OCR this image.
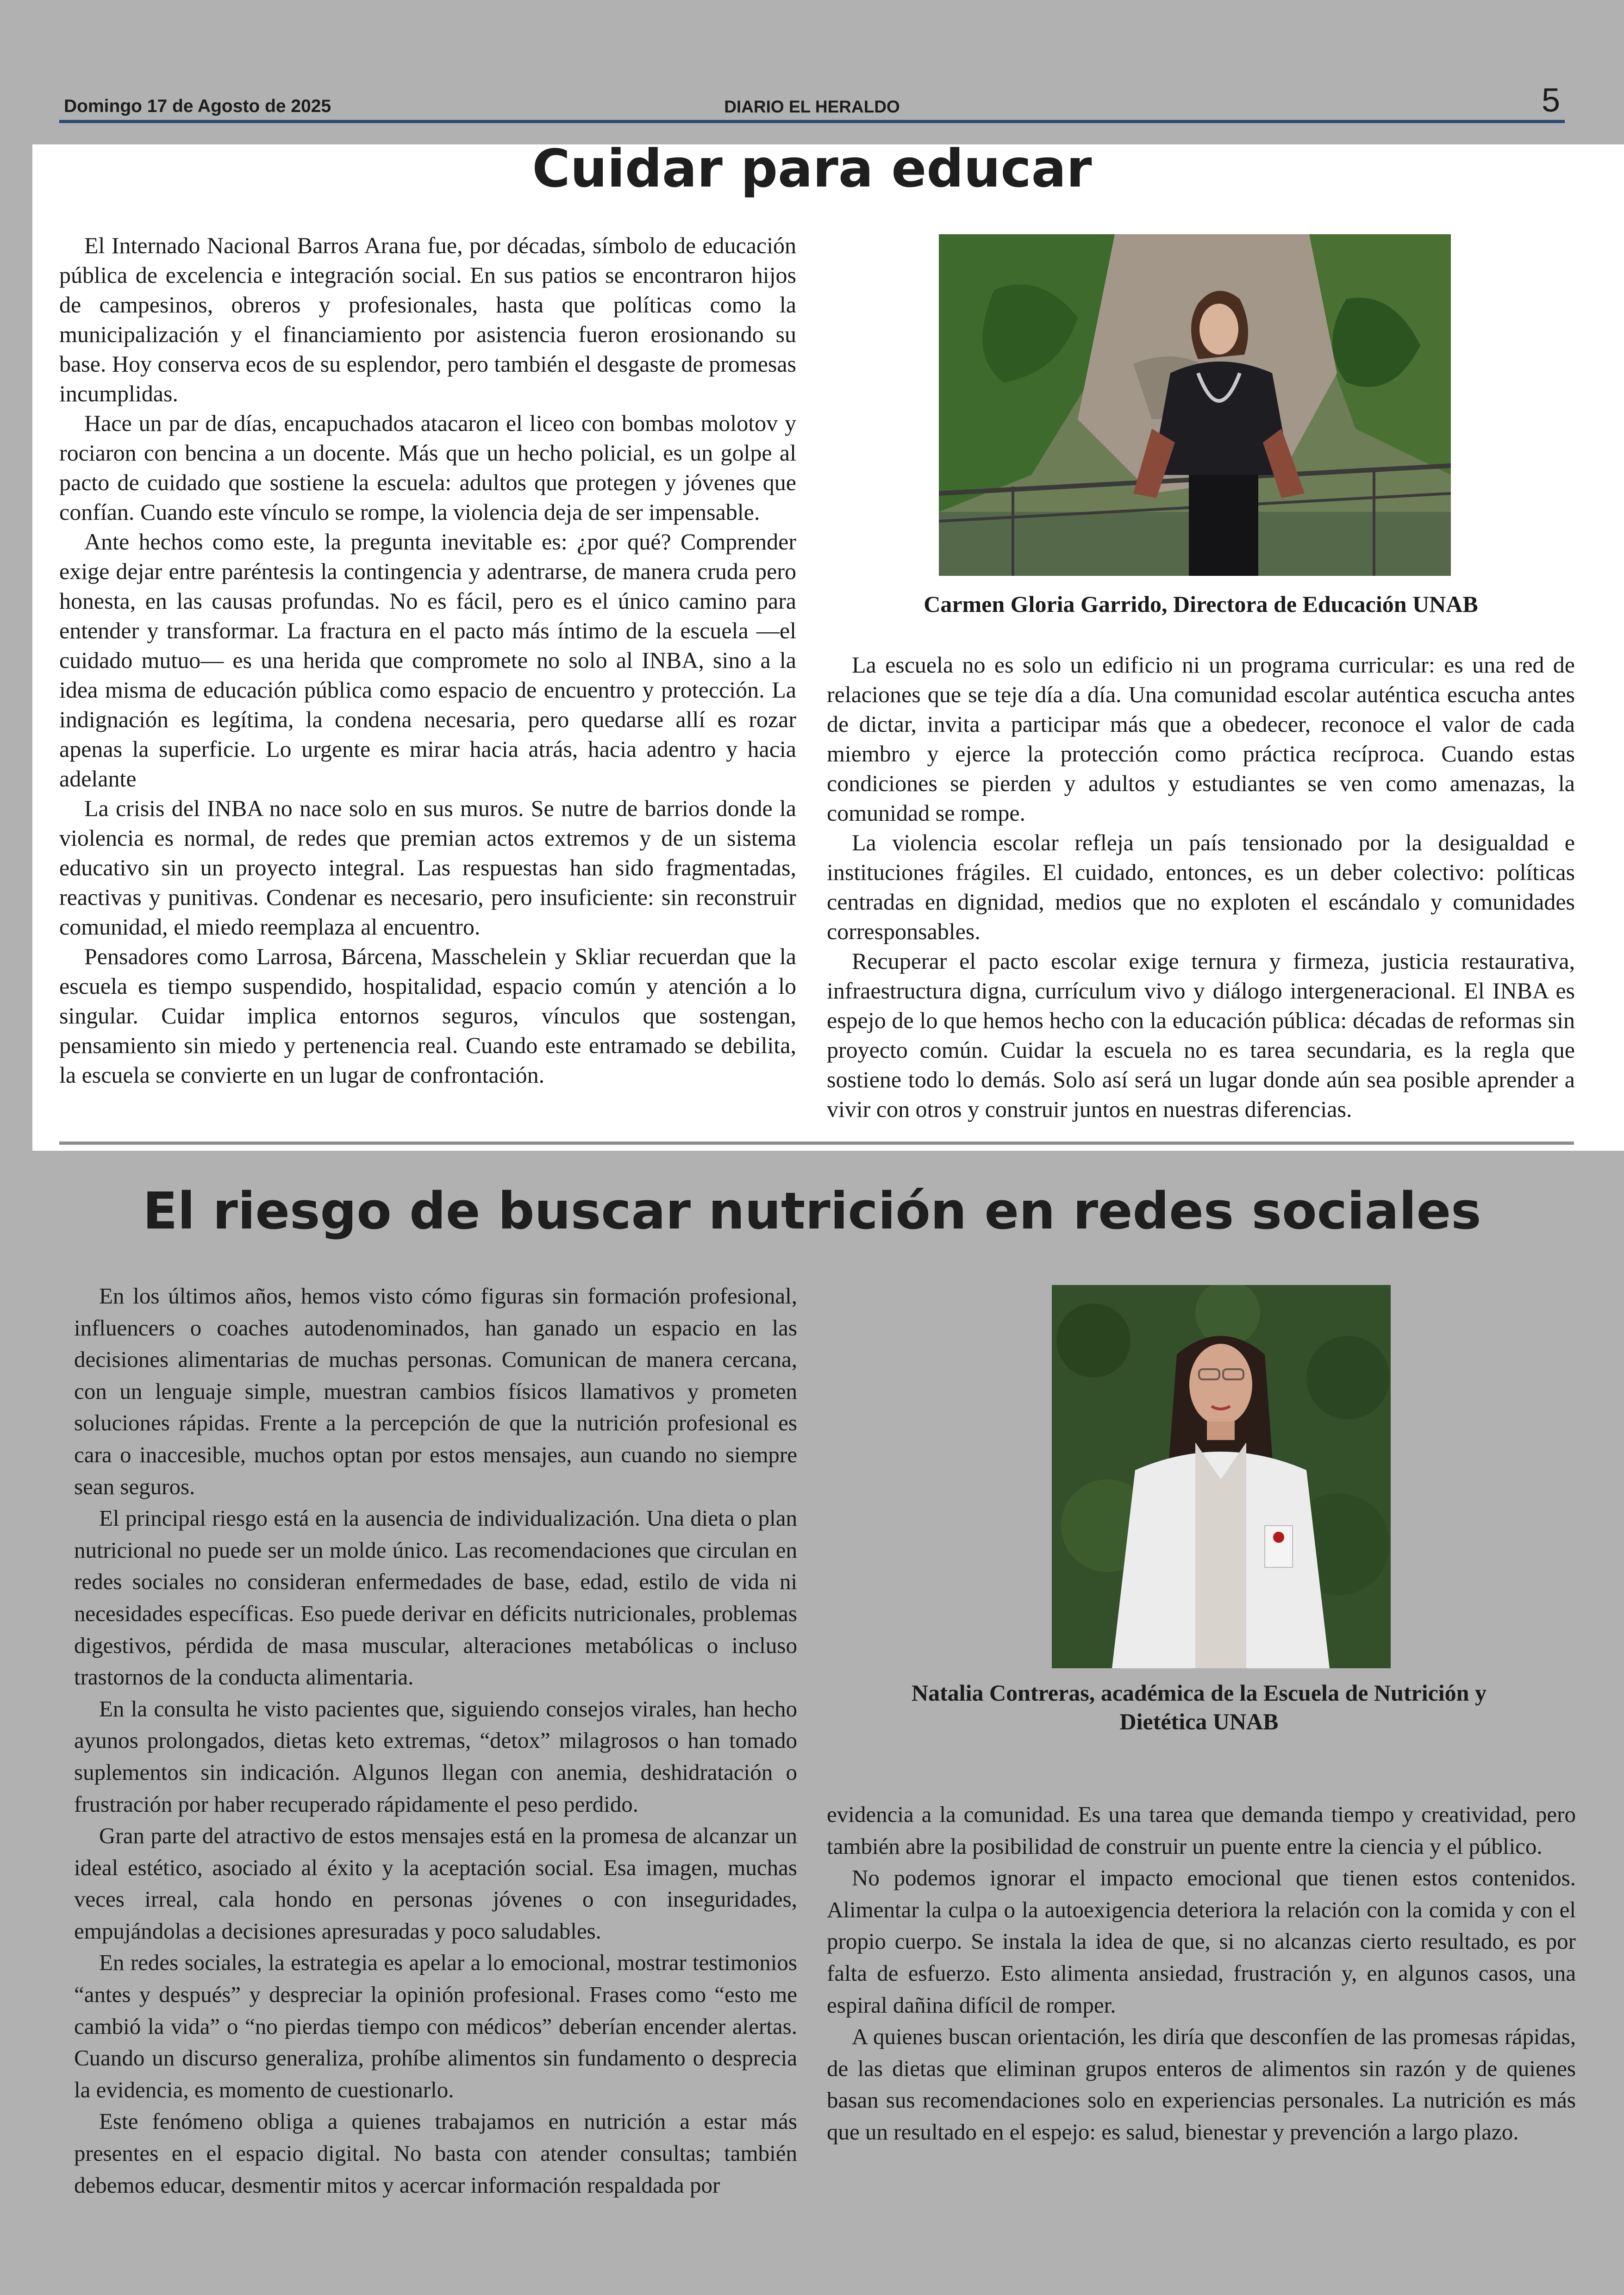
Domingo 17 de Agosto de 2025	DIARIO EL HERALDO	5
Cuidar para educar

El Internado Nacional Barros Arana fue, por décadas, símbolo de educación pública de excelencia e integración social. En sus patios se encontraron hijos de campesinos, obreros y profesionales, hasta que políticas como la municipalización y el financiamiento por asistencia fueron erosionando su base. Hoy conserva ecos de su esplendor, pero también el desgaste de promesas incumplidas.

Hace un par de días, encapuchados atacaron el liceo con bombas molotov y rociaron con bencina a un docente. Más que un hecho policial, es un golpe al pacto de cuidado que sostiene la escuela: adultos que protegen y jóvenes que confían. Cuando este vínculo se rompe, la violencia deja de ser impensable.

Ante hechos como este, la pregunta inevitable es: ¿por qué? Comprender exige dejar entre paréntesis la contingencia y adentrarse, de manera cruda pero honesta, en las causas profundas. No es fácil, pero es el único camino para entender y transformar. La fractura en el pacto más íntimo de la escuela —el cuidado mutuo— es una herida que compromete no solo al INBA, sino a la idea misma de educación pública como espacio de encuentro y protección. La indignación es legítima, la condena necesaria, pero quedarse allí es rozar apenas la superficie. Lo urgente es mirar hacia atrás, hacia adentro y hacia adelante

La crisis del INBA no nace solo en sus muros. Se nutre de barrios donde la violencia es normal, de redes que premian actos extremos y de un sistema educativo sin un proyecto integral. Las respuestas han sido fragmentadas, reactivas y punitivas. Condenar es necesario, pero insuficiente: sin reconstruir comunidad, el miedo reemplaza al encuentro.

Pensadores como Larrosa, Bárcena, Masschelein y Skliar recuerdan que la escuela es tiempo suspendido, hospitalidad, espacio común y atención a lo singular. Cuidar implica entornos seguros, vínculos que sostengan, pensamiento sin miedo y pertenencia real. Cuando este entramado se debilita, la escuela se convierte en un lugar de confrontación.

Carmen Gloria Garrido, Directora de Educación UNAB

La escuela no es solo un edificio ni un programa curricular: es una red de relaciones que se teje día a día. Una comunidad escolar auténtica escucha antes de dictar, invita a participar más que a obedecer, reconoce el valor de cada miembro y ejerce la protección como práctica recíproca. Cuando estas condiciones se pierden y adultos y estudiantes se ven como amenazas, la comunidad se rompe.

La violencia escolar refleja un país tensionado por la desigualdad e instituciones frágiles. El cuidado, entonces, es un deber colectivo: políticas centradas en dignidad, medios que no exploten el escándalo y comunidades corresponsables.

Recuperar el pacto escolar exige ternura y firmeza, justicia restaurativa, infraestructura digna, currículum vivo y diálogo intergeneracional. El INBA es espejo de lo que hemos hecho con la educación pública: décadas de reformas sin proyecto común. Cuidar la escuela no es tarea secundaria, es la regla que sostiene todo lo demás. Solo así será un lugar donde aún sea posible aprender a vivir con otros y construir juntos en nuestras diferencias.

El riesgo de buscar nutrición en redes sociales

En los últimos años, hemos visto cómo figuras sin formación profesional, influencers o coaches autodenominados, han ganado un espacio en las decisiones alimentarias de muchas personas. Comunican de manera cercana, con un lenguaje simple, muestran cambios físicos llamativos y prometen soluciones rápidas. Frente a la percepción de que la nutrición profesional es cara o inaccesible, muchos optan por estos mensajes, aun cuando no siempre sean seguros.

El principal riesgo está en la ausencia de individualización. Una dieta o plan nutricional no puede ser un molde único. Las recomendaciones que circulan en redes sociales no consideran enfermedades de base, edad, estilo de vida ni necesidades específicas. Eso puede derivar en déficits nutricionales, problemas digestivos, pérdida de masa muscular, alteraciones metabólicas o incluso trastornos de la conducta alimentaria.

En la consulta he visto pacientes que, siguiendo consejos virales, han hecho ayunos prolongados, dietas keto extremas, “detox” milagrosos o han tomado suplementos sin indicación. Algunos llegan con anemia, deshidratación o frustración por haber recuperado rápidamente el peso perdido.

Gran parte del atractivo de estos mensajes está en la promesa de alcanzar un ideal estético, asociado al éxito y la aceptación social. Esa imagen, muchas veces irreal, cala hondo en personas jóvenes o con inseguridades, empujándolas a decisiones apresuradas y poco saludables.

En redes sociales, la estrategia es apelar a lo emocional, mostrar testimonios “antes y después” y despreciar la opinión profesional. Frases como “esto me cambió la vida” o “no pierdas tiempo con médicos” deberían encender alertas. Cuando un discurso generaliza, prohíbe alimentos sin fundamento o desprecia la evidencia, es momento de cuestionarlo.

Este fenómeno obliga a quienes trabajamos en nutrición a estar más presentes en el espacio digital. No basta con atender consultas; también debemos educar, desmentir mitos y acercar información respaldada por

Natalia Contreras, académica de la Escuela de Nutrición y Dietética UNAB

evidencia a la comunidad. Es una tarea que demanda tiempo y creatividad, pero también abre la posibilidad de construir un puente entre la ciencia y el público.

No podemos ignorar el impacto emocional que tienen estos contenidos. Alimentar la culpa o la autoexigencia deteriora la relación con la comida y con el propio cuerpo. Se instala la idea de que, si no alcanzas cierto resultado, es por falta de esfuerzo. Esto alimenta ansiedad, frustración y, en algunos casos, una espiral dañina difícil de romper.

A quienes buscan orientación, les diría que desconfíen de las promesas rápidas, de las dietas que eliminan grupos enteros de alimentos sin razón y de quienes basan sus recomendaciones solo en experiencias personales. La nutrición es más que un resultado en el espejo: es salud, bienestar y prevención a largo plazo.
